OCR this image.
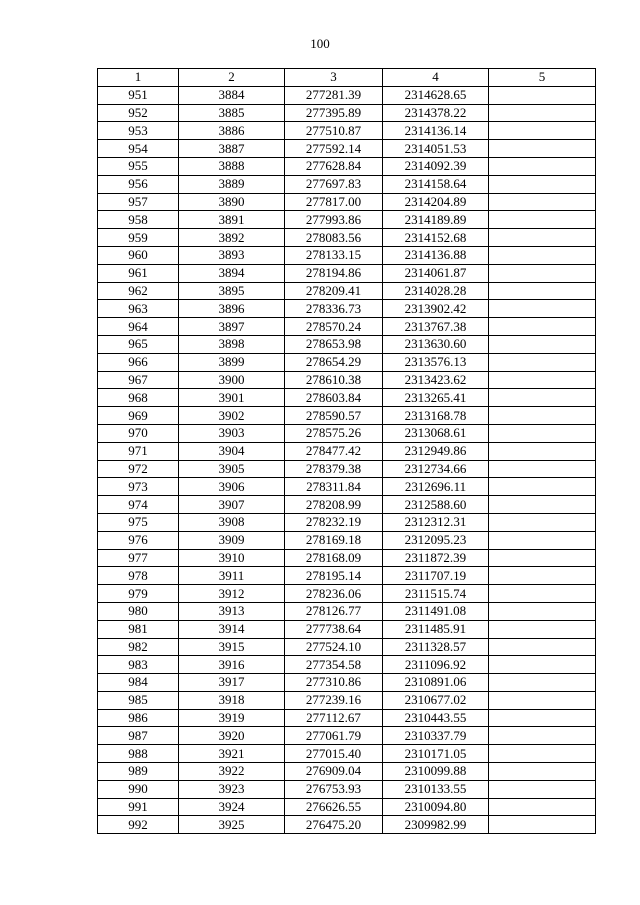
100
1	2	3	4	5
951	3884	277281.39	2314628.65	
952	3885	277395.89	2314378.22	
953	3886	277510.87	2314136.14	
954	3887	277592.14	2314051.53	
955	3888	277628.84	2314092.39	
956	3889	277697.83	2314158.64	
957	3890	277817.00	2314204.89	
958	3891	277993.86	2314189.89	
959	3892	278083.56	2314152.68	
960	3893	278133.15	2314136.88	
961	3894	278194.86	2314061.87	
962	3895	278209.41	2314028.28	
963	3896	278336.73	2313902.42	
964	3897	278570.24	2313767.38	
965	3898	278653.98	2313630.60	
966	3899	278654.29	2313576.13	
967	3900	278610.38	2313423.62	
968	3901	278603.84	2313265.41	
969	3902	278590.57	2313168.78	
970	3903	278575.26	2313068.61	
971	3904	278477.42	2312949.86	
972	3905	278379.38	2312734.66	
973	3906	278311.84	2312696.11	
974	3907	278208.99	2312588.60	
975	3908	278232.19	2312312.31	
976	3909	278169.18	2312095.23	
977	3910	278168.09	2311872.39	
978	3911	278195.14	2311707.19	
979	3912	278236.06	2311515.74	
980	3913	278126.77	2311491.08	
981	3914	277738.64	2311485.91	
982	3915	277524.10	2311328.57	
983	3916	277354.58	2311096.92	
984	3917	277310.86	2310891.06	
985	3918	277239.16	2310677.02	
986	3919	277112.67	2310443.55	
987	3920	277061.79	2310337.79	
988	3921	277015.40	2310171.05	
989	3922	276909.04	2310099.88	
990	3923	276753.93	2310133.55	
991	3924	276626.55	2310094.80	
992	3925	276475.20	2309982.99	
